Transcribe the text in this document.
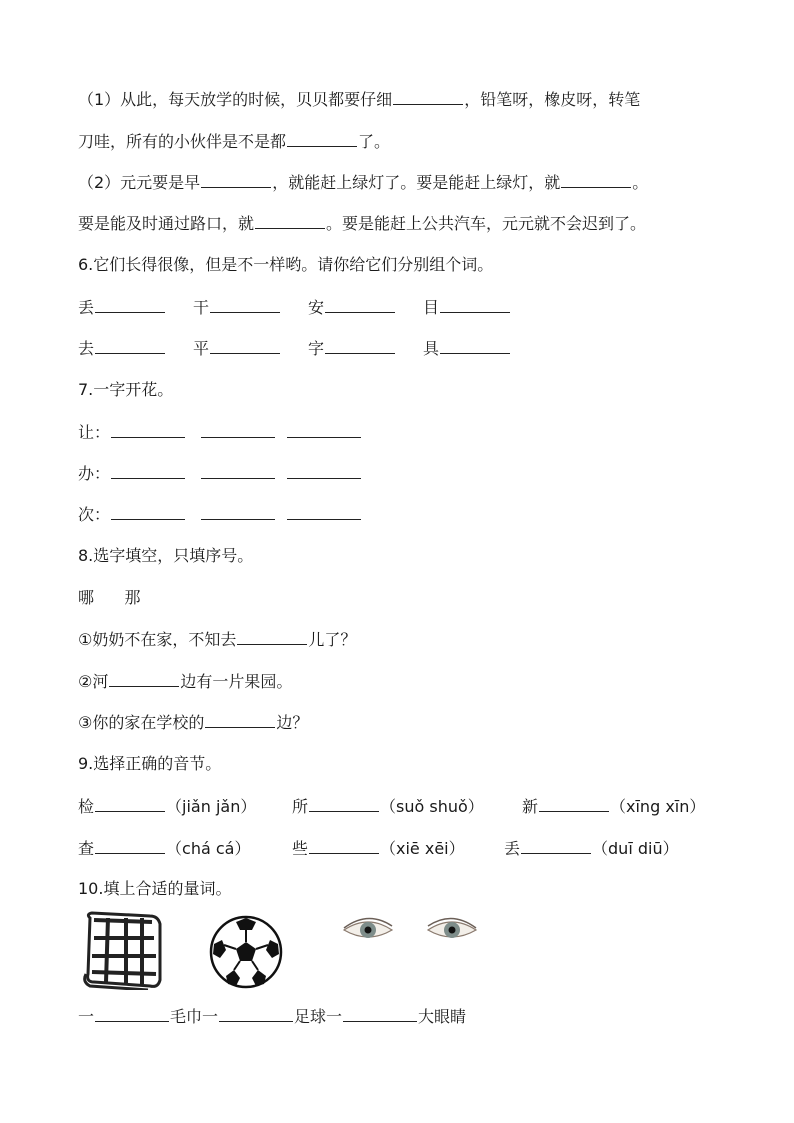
（1）从此，每天放学的时候，贝贝都要仔细	，铅笔呀，橡皮呀，转笔
刀哇，所有的小伙伴是不是都	了。
（2）元元要是早	，就能赶上绿灯了。要是能赶上绿灯，就	。
要是能及时通过路口，就	。要是能赶上公共汽车，元元就不会迟到了。
6.它们长得很像，但是不一样哟。请你给它们分别组个词。
丢	干	安	目
去	平	字	具
7.一字开花。
让：
办：
次：
8.选字填空，只填序号。
哪      那
①奶奶不在家，不知去	儿了？
②河	边有一片果园。
③你的家在学校的	边？
9.选择正确的音节。
检	（jiǎn jǎn） 所	（suǒ shuǒ） 新	（xīng xīn）
查	（chá cá）	些	（xiē xēi） 丢	（duī diū）
10.填上合适的量词。
一	毛巾一	足球一	大眼睛
